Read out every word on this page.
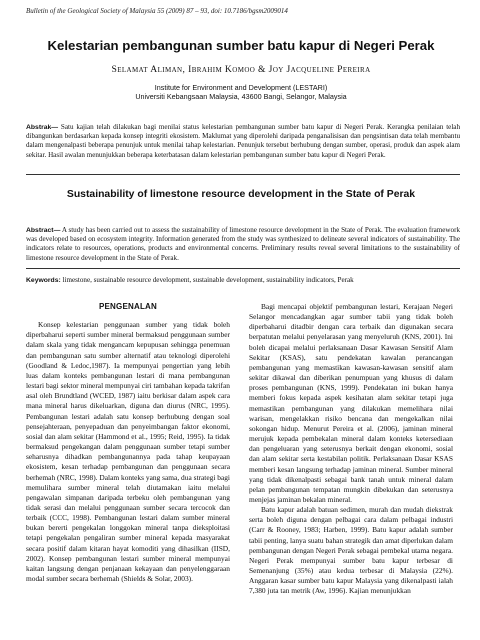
Bulletin of the Geological Society of Malaysia 55 (2009) 87 – 93, doi: 10.7186/bgsm2009014
Kelestarian pembangunan sumber batu kapur di Negeri Perak
Selamat Aliman, Ibrahim Komoo & Joy Jacqueline Pereira
Institute for Environment and Development (LESTARI)
Universiti Kebangsaan Malaysia, 43600 Bangi, Selangor, Malaysia
Abstrak— Satu kajian telah dilakukan bagi menilai status kelestarian pembangunan sumber batu kapur di Negeri Perak. Kerangka penilaian telah dibangunkan berdasarkan kepada konsep integriti ekosistem. Maklumat yang diperolehi daripada penganalisisan dan pengsintisan data telah membantu dalam mengenalpasti beberapa penunjuk untuk menilai tahap kelestarian. Penunjuk tersebut berhubung dengan sumber, operasi, produk dan aspek alam sekitar. Hasil awalan menunjukkan beberapa keterbatasan dalam kelestarian pembangunan sumber batu kapur di Negeri Perak.
Sustainability of limestone resource development in the State of Perak
Abstract— A study has been carried out to assess the sustainability of limestone resource development in the State of Perak. The evaluation framework was developed based on ecosystem integrity. Information generated from the study was synthesized to delineate several indicators of sustainability. The indicators relate to resources, operations, products and environmental concerns. Preliminary results reveal several limitations to the sustainability of limestone resource development in the State of Perak.
Keywords: limestone, sustainable resource development, sustainable development, sustainability indicators, Perak
PENGENALAN

Konsep kelestarian penggunaan sumber yang tidak boleh diperbaharui seperti sumber mineral bermaksud penggunaan sumber dalam skala yang tidak mengancam kepupusan sehingga penemuan dan pembangunan satu sumber alternatif atau teknologi diperolehi (Goodland & Ledoc,1987). Ia mempunyai pengertian yang lebih luas dalam konteks pembangunan lestari di mana pembangunan lestari bagi sektor mineral mempunyai ciri tambahan kepada takrifan asal oleh Brundtland (WCED, 1987) iaitu berkisar dalam aspek cara mana mineral harus dikeluarkan, diguna dan diurus (NRC, 1995). Pembangunan lestari adalah satu konsep berhubung dengan soal pensejahteraan, penyepaduan dan penyeimbangan faktor ekonomi, sosial dan alam sekitar (Hammond et al., 1995; Reid, 1995). Ia tidak bermaksud pengekangan dalam penggunaan sumber tetapi sumber seharusnya dihadkan pembangunannya pada tahap keupayaan ekosistem, kesan terhadap pembangunan dan penggunaan secara berhemah (NRC, 1998). Dalam konteks yang sama, dua strategi bagi memulihara sumber mineral telah diutamakan iaitu melalui pengawalan simpanan daripada terbeku oleh pembangunan yang tidak serasi dan melalui penggunaan sumber secara tercocok dan terbaik (CCC, 1998). Pembangunan lestari dalam sumber mineral bukan bererti pengekalan longgokan mineral tanpa dieksploitasi tetapi pengekalan pengaliran sumber mineral kepada masyarakat secara positif dalam kitaran hayat komoditi yang dihasilkan (IISD, 2002). Konsep pembangunan lestari sumber mineral mempunyai kaitan langsung dengan penjanaan kekayaan dan penyelenggaraan modal sumber secara berhemah (Shields & Solar, 2003).

Bagi mencapai objektif pembangunan lestari, Kerajaan Negeri Selangor mencadangkan agar sumber tabii yang tidak boleh diperbaharui ditadbir dengan cara terbaik dan digunakan secara berpatutan melalui penyelarasan yang menyeluruh (KNS, 2001). Ini boleh dicapai melalui perlaksanaan Dasar Kawasan Sensitif Alam Sekitar (KSAS), satu pendekatan kawalan perancangan pembangunan yang memastikan kawasan-kawasan sensitif alam sekitar dikawal dan diberikan penumpuan yang khusus di dalam proses pembangunan (KNS, 1999). Pendekatan ini bukan hanya memberi fokus kepada aspek kesihatan alam sekitar tetapi juga memastikan pembangunan yang dilakukan memelihara nilai warisan, mengelakkan risiko bencana dan mengekalkan nilai sokongan hidup. Menurut Pereira et al. (2006), jaminan mineral merujuk kepada pembekalan mineral dalam konteks ketersediaan dan pengeluaran yang seterusnya berkait dengan ekonomi, sosial dan alam sekitar serta kestabilan politik. Perlaksanaan Dasar KSAS memberi kesan langsung terhadap jaminan mineral. Sumber mineral yang tidak dikenalpasti sebagai bank tanah untuk mineral dalam pelan pembangunan tempatan mungkin dibekukan dan seterusnya menjejas jaminan bekalan mineral.

Batu kapur adalah batuan sedimen, murah dan mudah diekstrak serta boleh diguna dengan pelbagai cara dalam pelbagai industri (Carr & Rooney, 1983; Harben, 1999). Batu kapur adalah sumber tabii penting, lanya suatu bahan strategik dan amat diperlukan dalam pembangunan dengan Negeri Perak sebagai pembekal utama negara. Negeri Perak mempunyai sumber batu kapur terbesar di Semenanjung (35%) atau kedua terbesar di Malaysia (22%). Anggaran kasar sumber batu kapur Malaysia yang dikenalpasti ialah 7,380 juta tan metrik (Aw, 1996). Kajian menunjukkan
